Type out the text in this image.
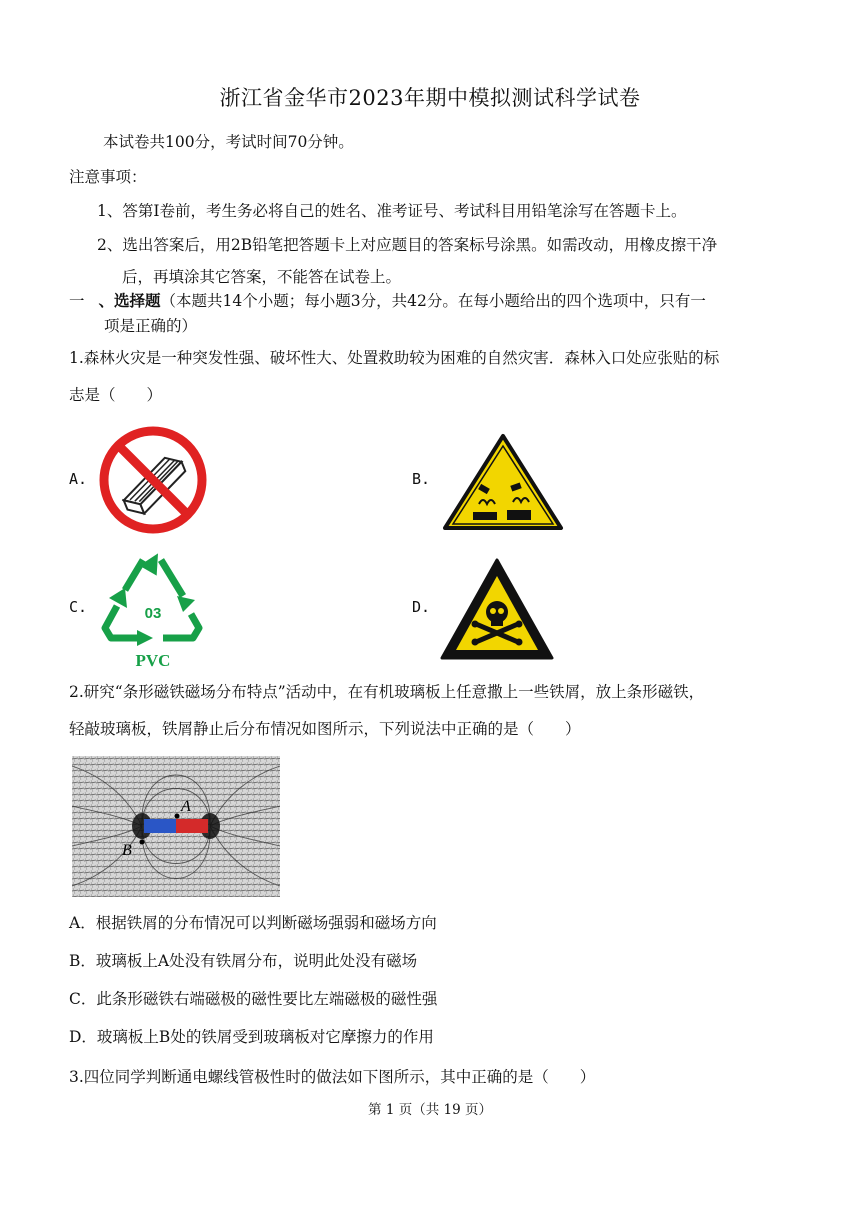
浙江省金华市2023年期中模拟测试科学试卷
本试卷共100分，考试时间70分钟。
注意事项：
1、答第Ⅰ卷前，考生务必将自己的姓名、准考证号、考试科目用铅笔涂写在答题卡上。
2、选出答案后，用2B铅笔把答题卡上对应题目的答案标号涂黑。如需改动，用橡皮擦干净
后，再填涂其它答案，不能答在试卷上。
一 、选择题（本题共14个小题；每小题3分，共42分。在每小题给出的四个选项中，只有一
项是正确的）
1.森林火灾是一种突发性强、破坏性大、处置救助较为困难的自然灾害．森林入口处应张贴的标
志是（　　）
A.	B.
C.	D.
03
PVC
2.研究“条形磁铁磁场分布特点”活动中，在有机玻璃板上任意撒上一些铁屑，放上条形磁铁，
轻敲玻璃板，铁屑静止后分布情况如图所示，下列说法中正确的是（　　）
A
B
A．根据铁屑的分布情况可以判断磁场强弱和磁场方向
B．玻璃板上A处没有铁屑分布，说明此处没有磁场
C．此条形磁铁右端磁极的磁性要比左端磁极的磁性强
D．玻璃板上B处的铁屑受到玻璃板对它摩擦力的作用
3.四位同学判断通电螺线管极性时的做法如下图所示，其中正确的是（　　）
第 1 页（共 19 页）
